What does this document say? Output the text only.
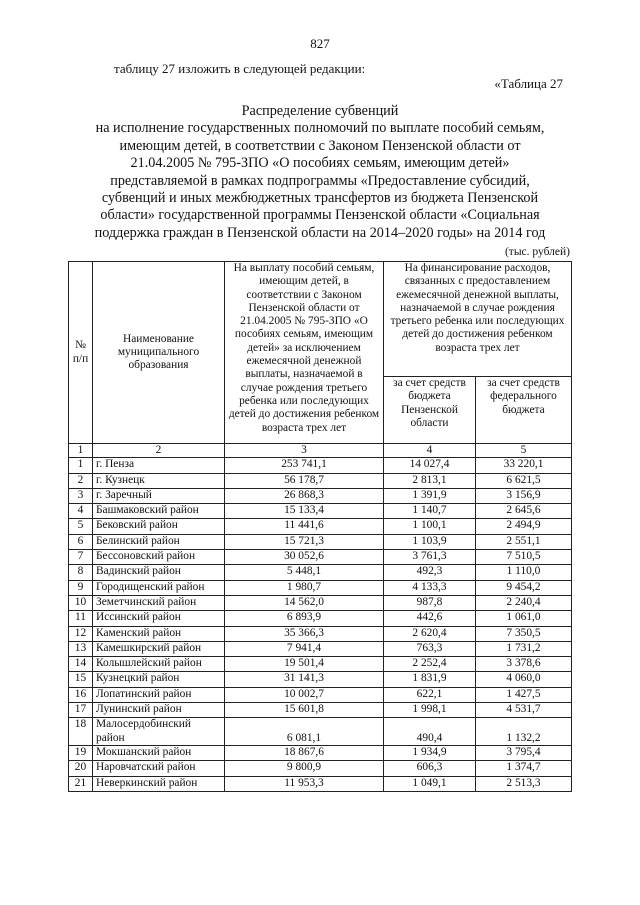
827
таблицу 27 изложить в следующей редакции:
«Таблица 27
Распределение субвенций
на исполнение государственных полномочий по выплате пособий семьям,
имеющим детей, в соответствии с Законом Пензенской области от
21.04.2005 № 795-ЗПО «О пособиях семьям, имеющим детей»
представляемой в рамках подпрограммы «Предоставление субсидий,
субвенций и иных межбюджетных трансфертов из бюджета Пензенской
области» государственной программы Пензенской области «Социальная
поддержка граждан в Пензенской области на 2014–2020 годы» на 2014 год
(тыс. рублей)
№ п/п	Наименование муниципального образования	На выплату пособий семьям, имеющим детей, в соответствии с Законом Пензенской области от 21.04.2005 № 795-ЗПО «О пособиях семьям, имеющим детей» за исключением ежемесячной денежной выплаты, назначаемой в случае рождения третьего ребенка или последующих детей до достижения ребенком возраста трех лет	На финансирование расходов, связанных с предоставлением ежемесячной денежной выплаты, назначаемой в случае рождения третьего ребенка или последующих детей до достижения ребенком возраста трех лет	
			за счет средств бюджета Пензенской области	за счет средств федерального бюджета
1	2	3	4	5
1	г. Пенза	253 741,1	14 027,4	33 220,1
2	г. Кузнецк	56 178,7	2 813,1	6 621,5
3	г. Заречный	26 868,3	1 391,9	3 156,9
4	Башмаковский район	15 133,4	1 140,7	2 645,6
5	Бековский район	11 441,6	1 100,1	2 494,9
6	Белинский район	15 721,3	1 103,9	2 551,1
7	Бессоновский район	30 052,6	3 761,3	7 510,5
8	Вадинский район	5 448,1	492,3	1 110,0
9	Городищенский район	1 980,7	4 133,3	9 454,2
10	Земетчинский район	14 562,0	987,8	2 240,4
11	Иссинский район	6 893,9	442,6	1 061,0
12	Каменский район	35 366,3	2 620,4	7 350,5
13	Камешкирский район	7 941,4	763,3	1 731,2
14	Колышлейский район	19 501,4	2 252,4	3 378,6
15	Кузнецкий район	31 141,3	1 831,9	4 060,0
16	Лопатинский район	10 002,7	622,1	1 427,5
17	Лунинский район	15 601,8	1 998,1	4 531,7
18	Малосердобинский район	6 081,1	490,4	1 132,2
19	Мокшанский район	18 867,6	1 934,9	3 795,4
20	Наровчатский район	9 800,9	606,3	1 374,7
21	Неверкинский район	11 953,3	1 049,1	2 513,3
